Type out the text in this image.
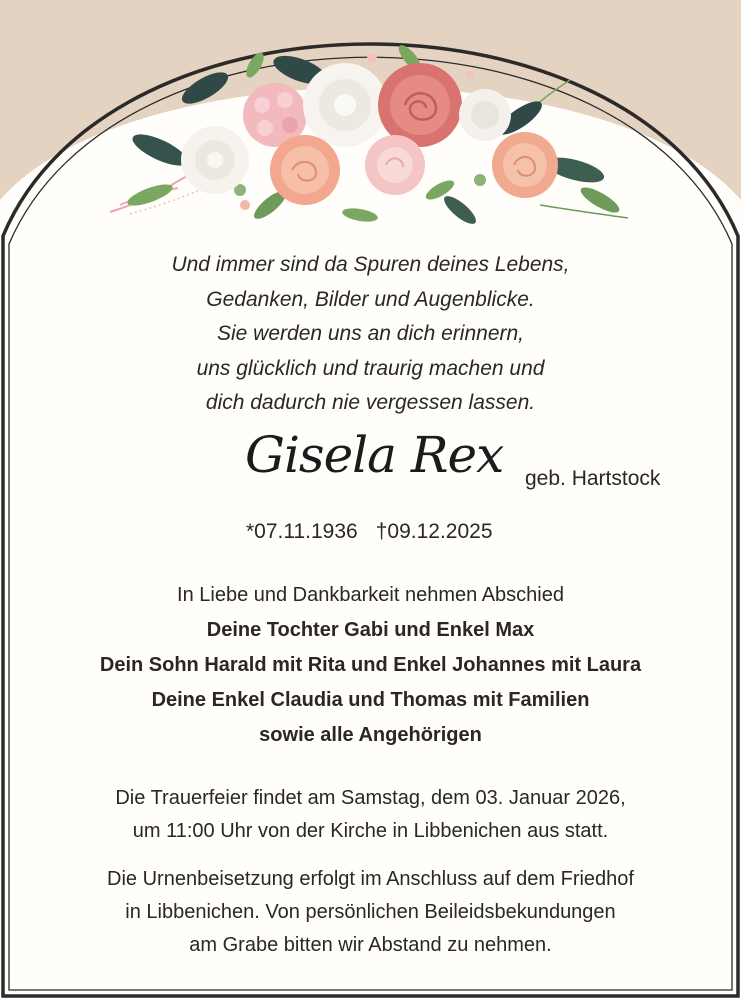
Und immer sind da Spuren deines Lebens,
Gedanken, Bilder und Augenblicke.
Sie werden uns an dich erinnern,
uns glücklich und traurig machen und
dich dadurch nie vergessen lassen.
Gisela Rex geb. Hartstock
*07.11.1936 †09.12.2025
In Liebe und Dankbarkeit nehmen Abschied
Deine Tochter Gabi und Enkel Max
Dein Sohn Harald mit Rita und Enkel Johannes mit Laura
Deine Enkel Claudia und Thomas mit Familien
sowie alle Angehörigen
Die Trauerfeier findet am Samstag, dem 03. Januar 2026,
um 11:00 Uhr von der Kirche in Libbenichen aus statt.
Die Urnenbeisetzung erfolgt im Anschluss auf dem Friedhof
in Libbenichen. Von persönlichen Beileidsbekundungen
am Grabe bitten wir Abstand zu nehmen.
